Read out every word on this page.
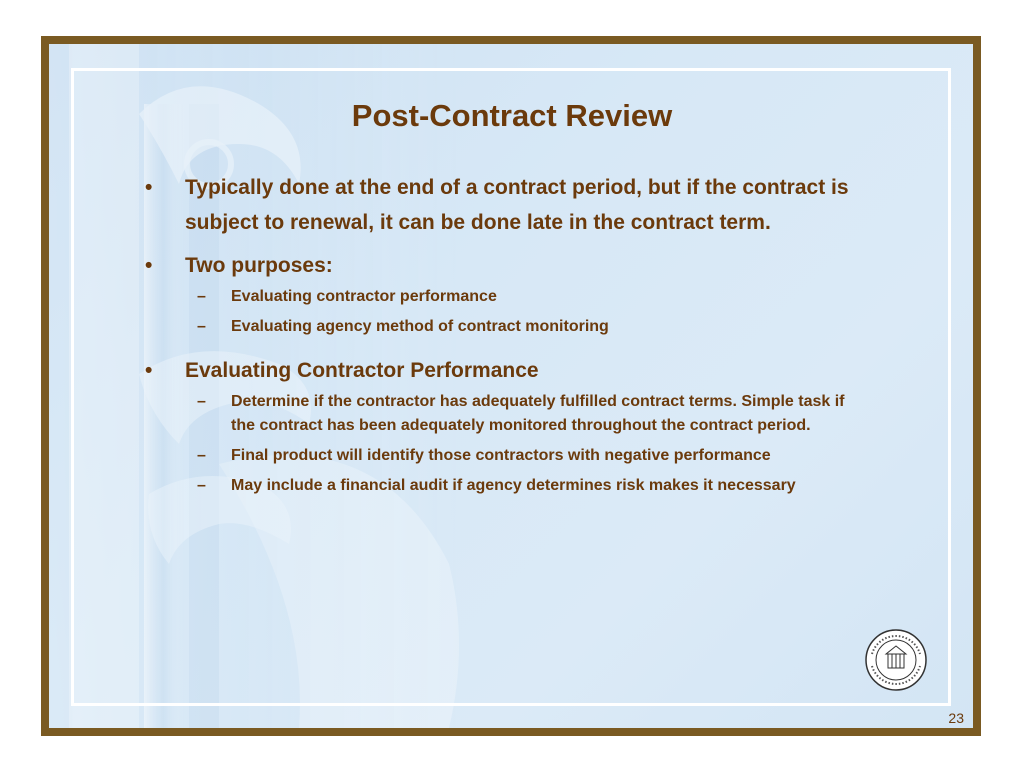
Post-Contract Review
•	Typically done at the end of a contract period, but if the contract is subject to renewal, it can be done late in the contract term.
•	Two purposes:
– Evaluating contractor performance
– Evaluating agency method of contract monitoring
•	Evaluating Contractor Performance
– Determine if the contractor has adequately fulfilled contract terms. Simple task if the contract has been adequately monitored throughout the contract period.
– Final product will identify those contractors with negative performance
– May include a financial audit if agency determines risk makes it necessary
23
